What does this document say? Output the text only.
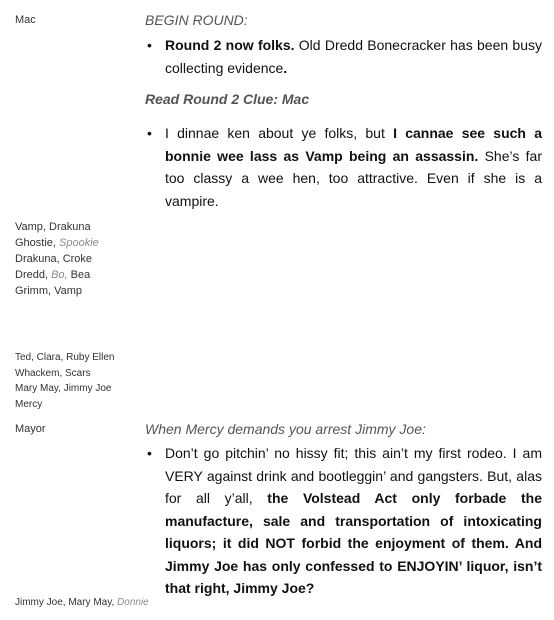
Mac
Vamp, Drakuna
Ghostie, Spookie
Drakuna, Croke
Dredd, Bo, Bea
Grimm, Vamp
Ted, Clara, Ruby Ellen
Whackem, Scars
Mary May, Jimmy Joe
Mercy
Mayor
Jimmy Joe, Mary May, Donnie
BEGIN ROUND:
• Round 2 now folks. Old Dredd Bonecracker has been busy collecting evidence.
Read Round 2 Clue: Mac
• I dinnae ken about ye folks, but I cannae see such a bonnie wee lass as Vamp being an assassin. She’s far too classy a wee hen, too attractive. Even if she is a vampire.
When Mercy demands you arrest Jimmy Joe:
• Don’t go pitchin’ no hissy fit; this ain’t my first rodeo. I am VERY against drink and bootleggin’ and gangsters. But, alas for all y’all, the Volstead Act only forbade the manufacture, sale and transportation of intoxicating liquors; it did NOT forbid the enjoyment of them. And Jimmy Joe has only confessed to ENJOYIN’ liquor, isn’t that right, Jimmy Joe?
